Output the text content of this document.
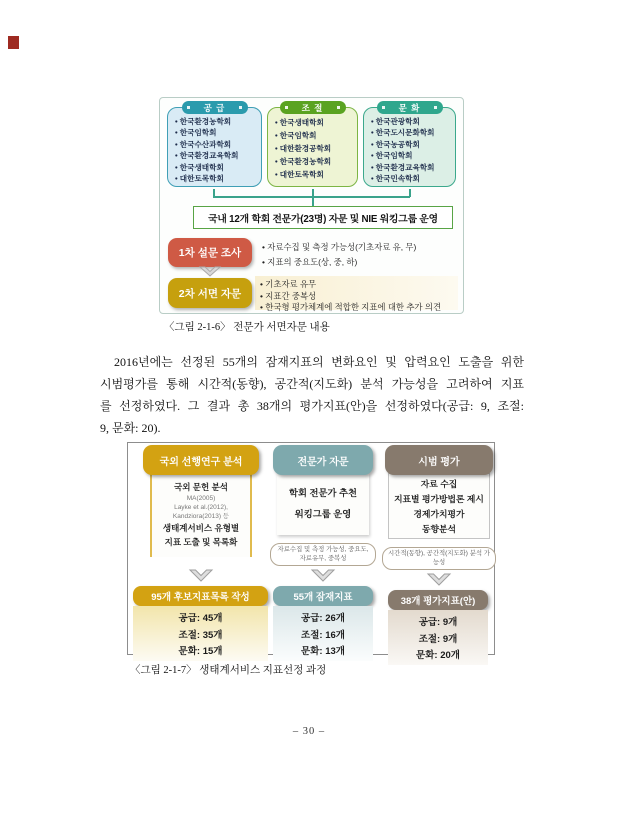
공 급
• 한국환경농학회
• 한국임학회
• 한국수산과학회
• 한국환경교육학회
• 한국생태학회
• 대한토목학회
조 절
• 한국생태학회
• 한국임학회
• 대한환경공학회
• 한국환경농학회
• 대한토목학회
문 화
• 한국관광학회
• 한국도시문화학회
• 한국농공학회
• 한국임학회
• 한국환경교육학회
• 한국민속학회
국내 12개 학회 전문가(23명) 자문 및 NIE 워킹그룹 운영
1차 설문 조사	• 자료수집 및 측정 가능성(기초자료 유, 무)
• 지표의 중요도(상, 중, 하)
• 기초자료 유무
• 지표간 중복성
• 한국형 평가체계에 적합한 지표에 대한 추가 의견
2차 서면 자문
〈그림 2-1-6〉 전문가 서면자문 내용
2016년에는 선정된 55개의 잠재지표의 변화요인 및 압력요인 도출을 위한
시범평가를 통해 시간적(동향), 공간적(지도화) 분석 가능성을 고려하여 지표
를 선정하였다. 그 결과 총 38개의 평가지표(안)을 선정하였다(공급: 9, 조절:
9, 문화: 20).
국외 선행연구 분석
국외 문헌 분석
MA(2005)
Layke et al.(2012),
Kandziora(2013) 등
생태계서비스 유형별
지표 도출 및 목록화
95개 후보지표목록 작성
공급: 45개
조절: 35개
문화: 15개
전문가 자문
학회 전문가 추천
워킹그룹 운영
자료수집 및 측정 가능성, 중요도, 자료유무, 중복성
55개 잠재지표
공급: 26개
조절: 16개
문화: 13개
시범 평가
자료 수집
지표별 평가방법론 제시
경제가치평가
동향분석
시간적(동향), 공간적(지도화) 분석 가능성
38개 평가지표(안)
공급: 9개
조절: 9개
문화: 20개
〈그림 2-1-7〉 생태계서비스 지표선정 과정
– 30 –
